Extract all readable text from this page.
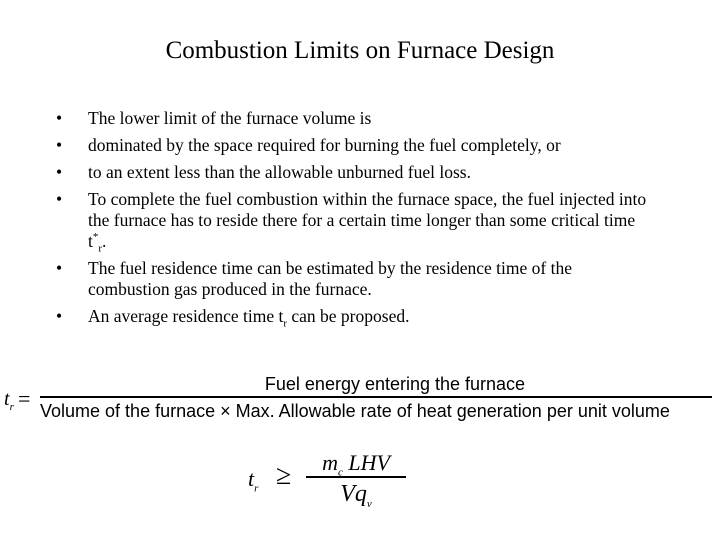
Combustion Limits on Furnace Design
•	The lower limit of the furnace volume is
•	dominated by the space required for burning the fuel completely, or
•	to an extent less than the allowable unburned fuel loss.
•	To complete the fuel combustion within the furnace space, the fuel injected into the furnace has to reside there for a certain time longer than some critical time $t^*_r$.
•	The fuel residence time can be estimated by the residence time of the combustion gas produced in the furnace.
•	An average residence time $t_r$ can be proposed.
$t_r$ =
Fuel energy entering the furnace
Volume of the furnace × Max. Allowable rate of heat generation per unit volume
$t_r$ ≥	$m_c$ LHV
$Vq_v$
